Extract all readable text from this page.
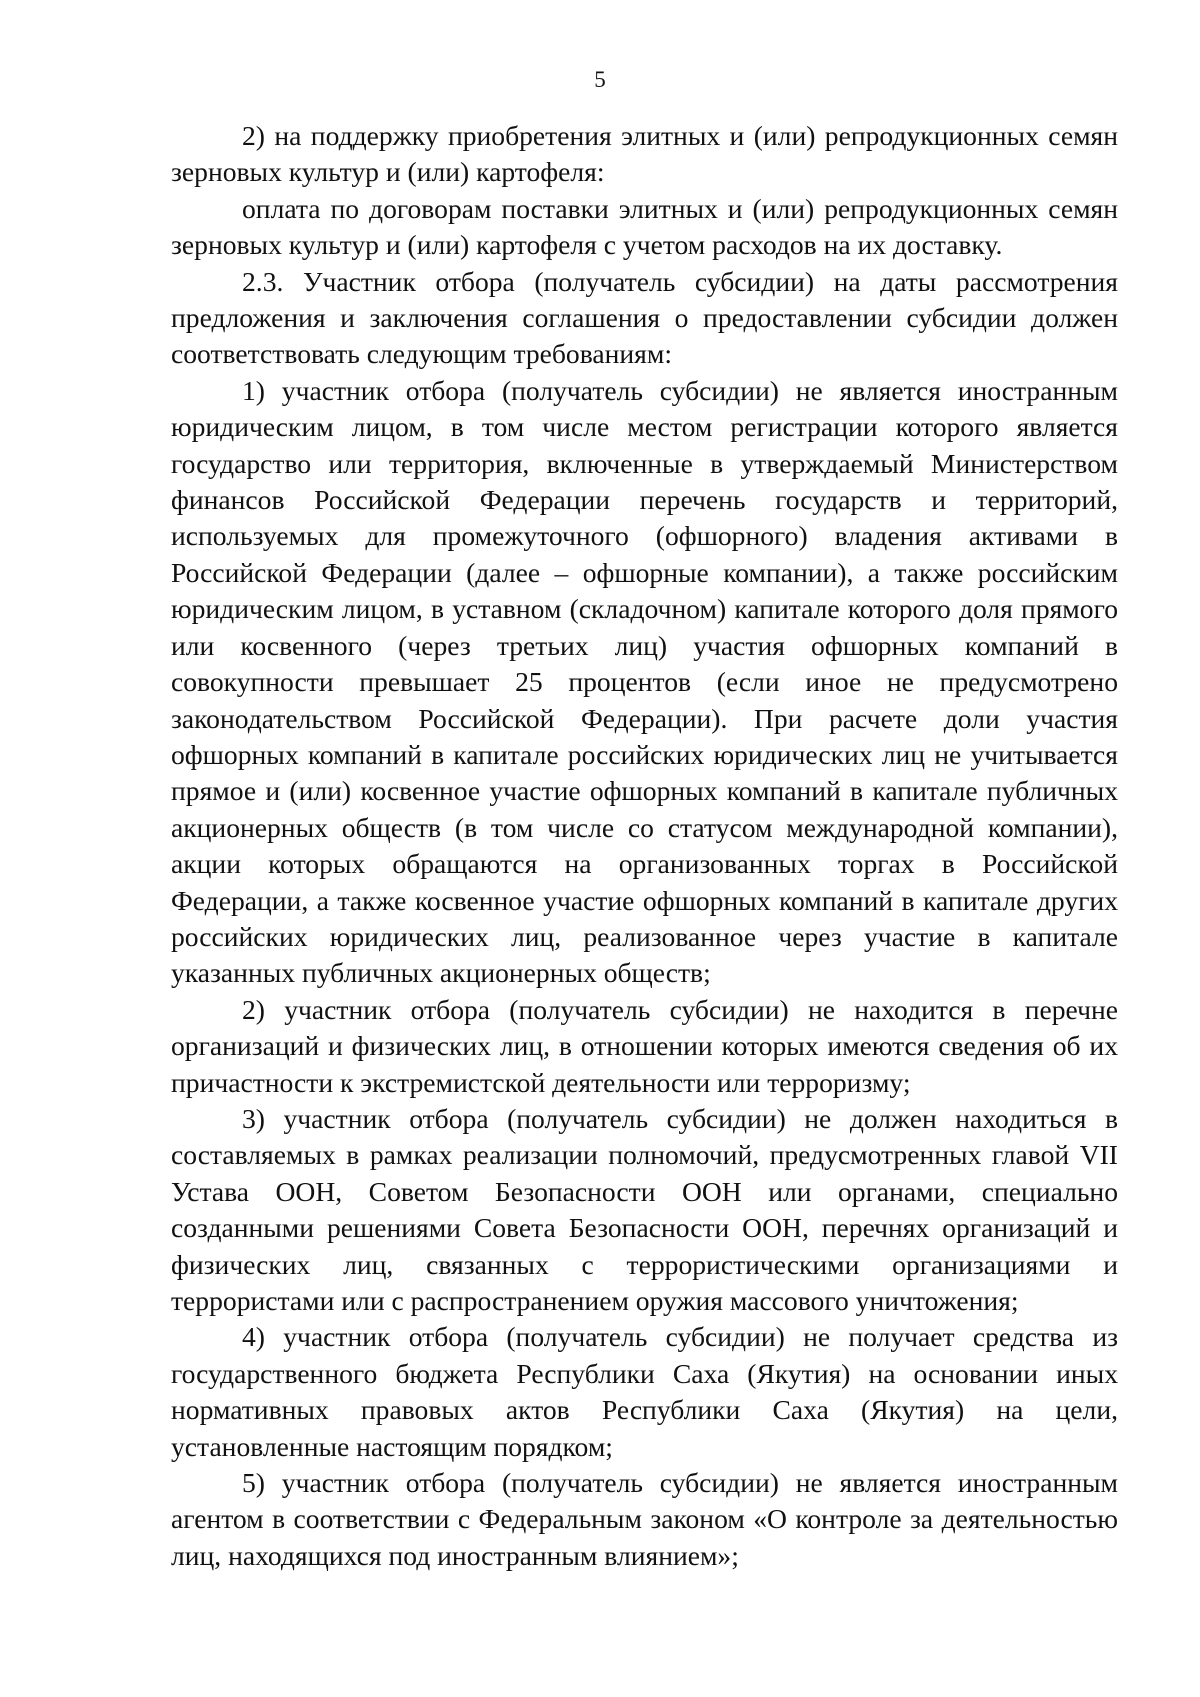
5

2) на поддержку приобретения элитных и (или) репродукционных семян зерновых культур и (или) картофеля:

оплата по договорам поставки элитных и (или) репродукционных семян зерновых культур и (или) картофеля с учетом расходов на их доставку.

2.3. Участник отбора (получатель субсидии) на даты рассмотрения предложения и заключения соглашения о предоставлении субсидии должен соответствовать следующим требованиям:

1) участник отбора (получатель субсидии) не является иностранным юридическим лицом, в том числе местом регистрации которого является государство или территория, включенные в утверждаемый Министерством финансов Российской Федерации перечень государств и территорий, используемых для промежуточного (офшорного) владения активами в Российской Федерации (далее – офшорные компании), а также российским юридическим лицом, в уставном (складочном) капитале которого доля прямого или косвенного (через третьих лиц) участия офшорных компаний в совокупности превышает 25 процентов (если иное не предусмотрено законодательством Российской Федерации). При расчете доли участия офшорных компаний в капитале российских юридических лиц не учитывается прямое и (или) косвенное участие офшорных компаний в капитале публичных акционерных обществ (в том числе со статусом международной компании), акции которых обращаются на организованных торгах в Российской Федерации, а также косвенное участие офшорных компаний в капитале других российских юридических лиц, реализованное через участие в капитале указанных публичных акционерных обществ;

2) участник отбора (получатель субсидии) не находится в перечне организаций и физических лиц, в отношении которых имеются сведения об их причастности к экстремистской деятельности или терроризму;

3) участник отбора (получатель субсидии) не должен находиться в составляемых в рамках реализации полномочий, предусмотренных главой VII Устава ООН, Советом Безопасности ООН или органами, специально созданными решениями Совета Безопасности ООН, перечнях организаций и физических лиц, связанных с террористическими организациями и террористами или с распространением оружия массового уничтожения;

4) участник отбора (получатель субсидии) не получает средства из государственного бюджета Республики Саха (Якутия) на основании иных нормативных правовых актов Республики Саха (Якутия) на цели, установленные настоящим порядком;

5) участник отбора (получатель субсидии) не является иностранным агентом в соответствии с Федеральным законом «О контроле за деятельностью лиц, находящихся под иностранным влиянием»;
